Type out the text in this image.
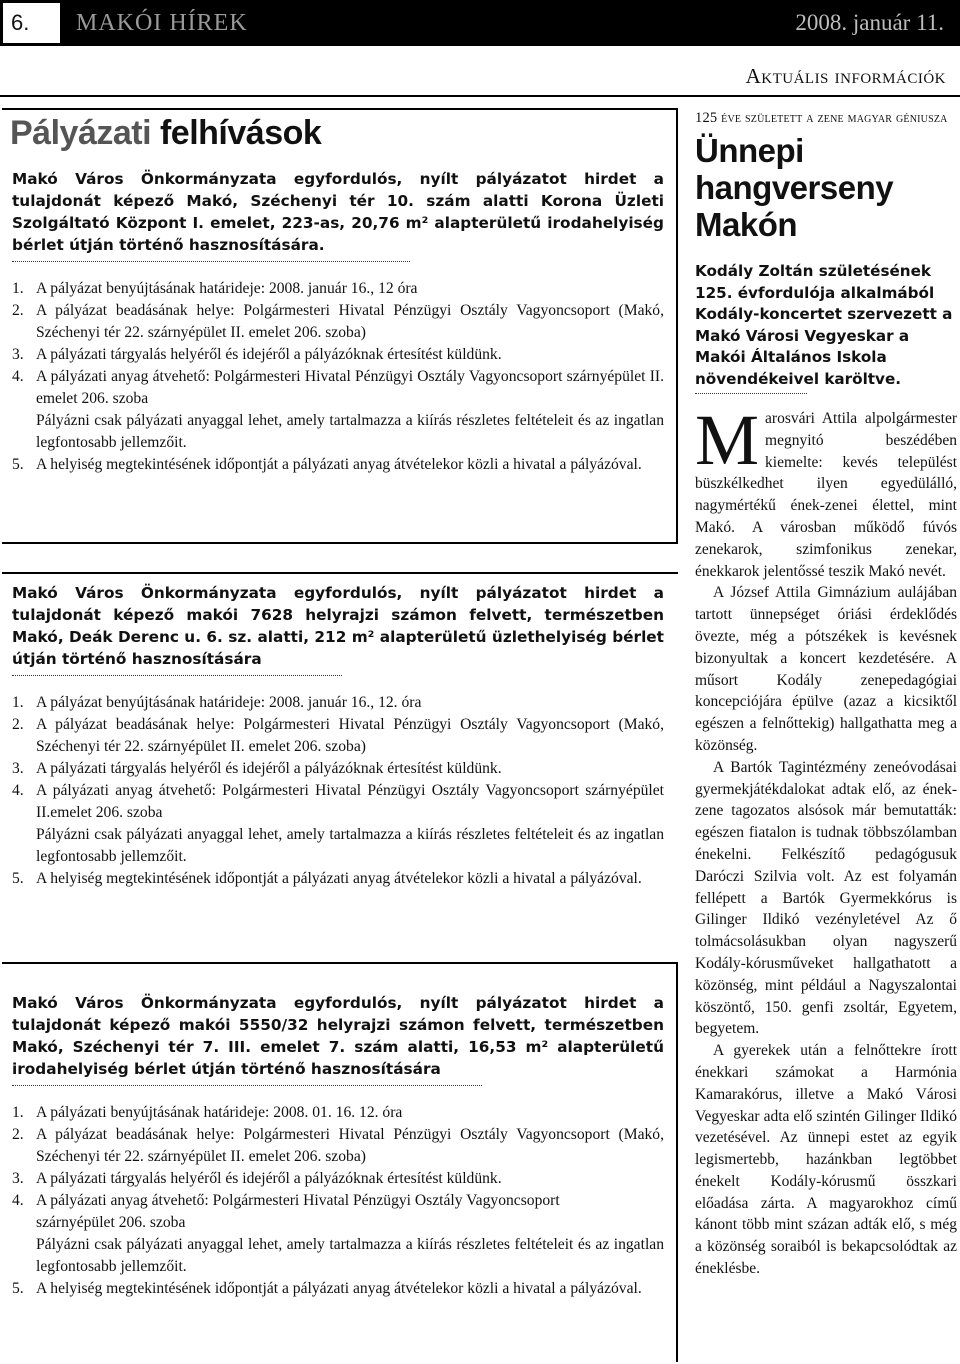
6.	MAKÓI HÍREK	2008. január 11.
Aktuális információk
Pályázati felhívások
Makó Város Önkormányzata egyfordulós, nyílt pályázatot hirdet a tulajdonát képező Makó, Széchenyi tér 10. szám alatti Korona Üzleti Szolgáltató Központ I. emelet, 223-as, 20,76 m² alapterületű irodahelyiség bérlet útján történő hasznosítására.
1. A pályázat benyújtásának határideje: 2008. január 16., 12 óra
2. A pályázat beadásának helye: Polgármesteri Hivatal Pénzügyi Osztály Vagyoncsoport (Makó, Széchenyi tér 22. szárnyépület II. emelet 206. szoba)
3. A pályázati tárgyalás helyéről és idejéről a pályázóknak értesítést küldünk.
4. A pályázati anyag átvehető: Polgármesteri Hivatal Pénzügyi Osztály Vagyoncsoport szárnyépület II. emelet 206. szoba
Pályázni csak pályázati anyaggal lehet, amely tartalmazza a kiírás részletes feltételeit és az ingatlan legfontosabb jellemzőit.
5. A helyiség megtekintésének időpontját a pályázati anyag átvételekor közli a hivatal a pályázóval.
Makó Város Önkormányzata egyfordulós, nyílt pályázatot hirdet a tulajdonát képező makói 7628 helyrajzi számon felvett, természetben Makó, Deák Derenc u. 6. sz. alatti, 212 m² alapterületű üzlethelyiség bérlet útján történő hasznosítására
1. A pályázat benyújtásának határideje: 2008. január 16., 12. óra
2. A pályázat beadásának helye: Polgármesteri Hivatal Pénzügyi Osztály Vagyoncsoport (Makó, Széchenyi tér 22. szárnyépület II. emelet 206. szoba)
3. A pályázati tárgyalás helyéről és idejéről a pályázóknak értesítést küldünk.
4. A pályázati anyag átvehető: Polgármesteri Hivatal Pénzügyi Osztály Vagyoncsoport szárnyépület II.emelet 206. szoba
Pályázni csak pályázati anyaggal lehet, amely tartalmazza a kiírás részletes feltételeit és az ingatlan legfontosabb jellemzőit.
5. A helyiség megtekintésének időpontját a pályázati anyag átvételekor közli a hivatal a pályázóval.
Makó Város Önkormányzata egyfordulós, nyílt pályázatot hirdet a tulajdonát képező makói 5550/32 helyrajzi számon felvett, természetben Makó, Széchenyi tér 7. III. emelet 7. szám alatti, 16,53 m² alapterületű irodahelyiség bérlet útján történő hasznosítására
1. A pályázati benyújtásának határideje: 2008. 01. 16. 12. óra
2. A pályázat beadásának helye: Polgármesteri Hivatal Pénzügyi Osztály Vagyoncsoport (Makó, Széchenyi tér 22. szárnyépület II. emelet 206. szoba)
3. A pályázati tárgyalás helyéről és idejéről a pályázóknak értesítést küldünk.
4. A pályázati anyag átvehető: Polgármesteri Hivatal Pénzügyi Osztály Vagyoncsoport
szárnyépület 206. szoba
Pályázni csak pályázati anyaggal lehet, amely tartalmazza a kiírás részletes feltételeit és az ingatlan legfontosabb jellemzőit.
5. A helyiség megtekintésének időpontját a pályázati anyag átvételekor közli a hivatal a pályázóval.
125 éve született a zene magyar géniusza
Ünnepi hangverseny Makón
Kodály Zoltán születésének 125. évfordulója alkalmából Kodály-koncertet szervezett a Makó Városi Vegyeskar a Makói Általános Iskola növendékeivel karöltve.

Marosvári Attila alpolgármester megnyitó beszédében kiemelte: kevés települést büszkélkedhet ilyen egyedülálló, nagymértékű ének-zenei élettel, mint Makó. A városban működő fúvós zenekarok, szimfonikus zenekar, énekkarok jelentőssé teszik Makó nevét.

A József Attila Gimnázium aulájában tartott ünnepséget óriási érdeklődés övezte, még a pótszékek is kevésnek bizonyultak a koncert kezdetésére. A műsort Kodály zenepedagógiai koncepciójára épülve (azaz a kicsiktől egészen a felnőttekig) hallgathatta meg a közönség.

A Bartók Tagintézmény zeneóvodásai gyermekjátékdalokat adtak elő, az ének-zene tagozatos alsósok már bemutatták: egészen fiatalon is tudnak többszólamban énekelni. Felkészítő pedagógusuk Daróczi Szilvia volt. Az est folyamán fellépett a Bartók Gyermekkórus is Gilinger Ildikó vezényletével Az ő tolmácsolásukban olyan nagyszerű Kodály-kórusműveket hallgathatott a közönség, mint például a Nagyszalontai köszöntő, 150. genfi zsoltár, Egyetem, begyetem.

A gyerekek után a felnőttekre írott énekkari számokat a Harmónia Kamarakórus, illetve a Makó Városi Vegyeskar adta elő szintén Gilinger Ildikó vezetésével. Az ünnepi estet az egyik legismertebb, hazánkban legtöbbet énekelt Kodály-kórusmű összkari előadása zárta. A magyarokhoz című kánont több mint százan adták elő, s még a közönség soraiból is bekapcsolódtak az éneklésbe.
